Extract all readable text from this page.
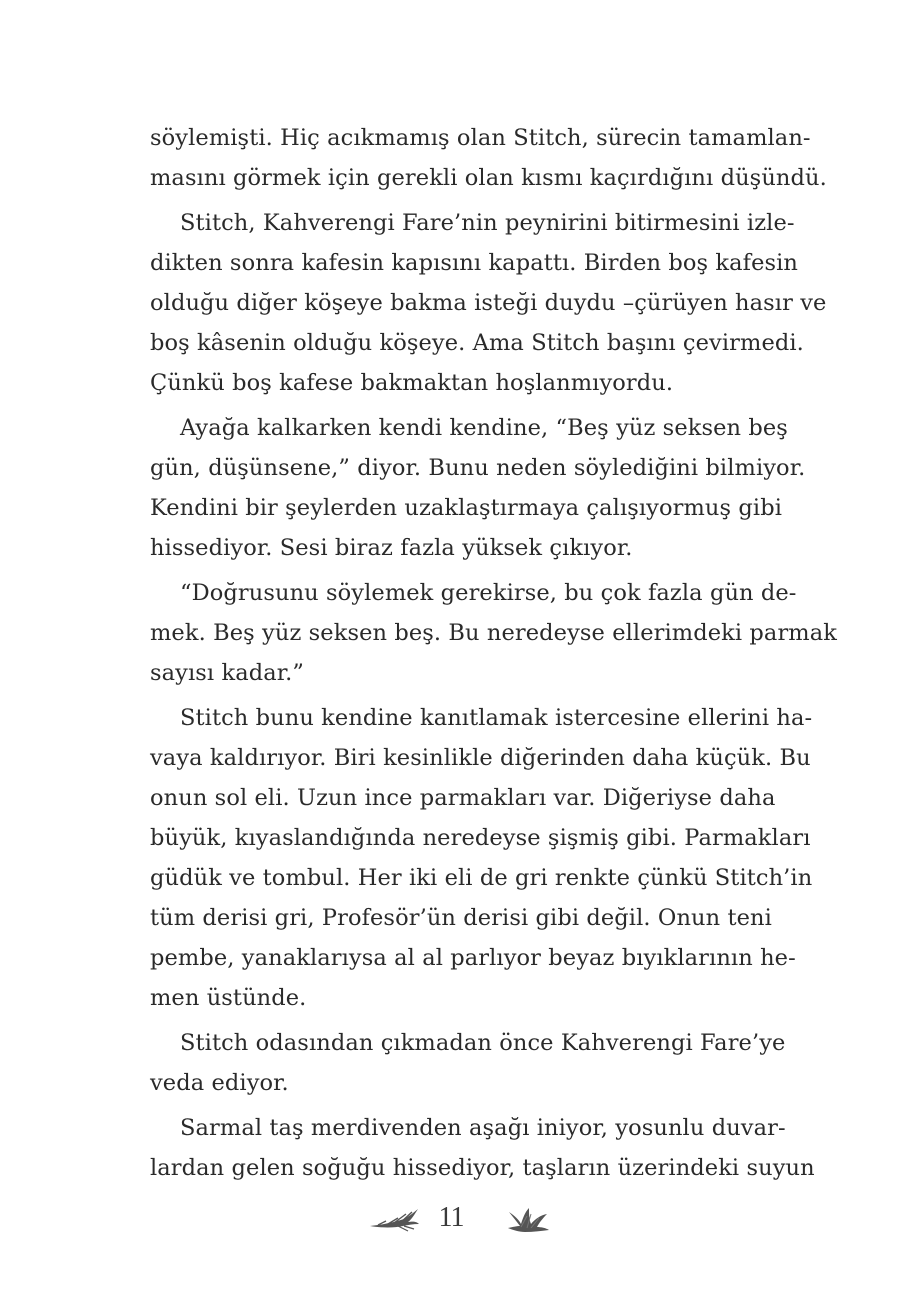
söylemişti. Hiç acıkmamış olan Stitch, sürecin tamamlan-
masını görmek için gerekli olan kısmı kaçırdığını düşündü.
Stitch, Kahverengi Fare’nin peynirini bitirmesini izle-
dikten sonra kafesin kapısını kapattı. Birden boş kafesin
olduğu diğer köşeye bakma isteği duydu –çürüyen hasır ve
boş kâsenin olduğu köşeye. Ama Stitch başını çevirmedi.
Çünkü boş kafese bakmaktan hoşlanmıyordu.
Ayağa kalkarken kendi kendine, “Beş yüz seksen beş
gün, düşünsene,” diyor. Bunu neden söylediğini bilmiyor.
Kendini bir şeylerden uzaklaştırmaya çalışıyormuş gibi
hissediyor. Sesi biraz fazla yüksek çıkıyor.
“Doğrusunu söylemek gerekirse, bu çok fazla gün de-
mek. Beş yüz seksen beş. Bu neredeyse ellerimdeki parmak
sayısı kadar.”
Stitch bunu kendine kanıtlamak istercesine ellerini ha-
vaya kaldırıyor. Biri kesinlikle diğerinden daha küçük. Bu
onun sol eli. Uzun ince parmakları var. Diğeriyse daha
büyük, kıyaslandığında neredeyse şişmiş gibi. Parmakları
güdük ve tombul. Her iki eli de gri renkte çünkü Stitch’in
tüm derisi gri, Profesör’ün derisi gibi değil. Onun teni
pembe, yanaklarıysa al al parlıyor beyaz bıyıklarının he-
men üstünde.
Stitch odasından çıkmadan önce Kahverengi Fare’ye
veda ediyor.
Sarmal taş merdivenden aşağı iniyor, yosunlu duvar-
lardan gelen soğuğu hissediyor, taşların üzerindeki suyun
11
